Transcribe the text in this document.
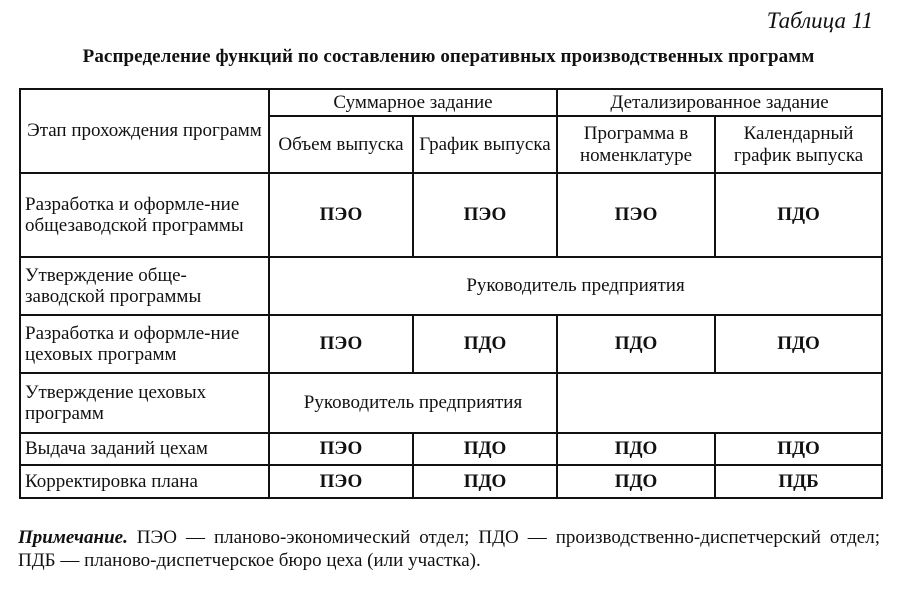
Таблица 11
Распределение функций по составлению оперативных производственных программ
Этап прохождения программ	Суммарное задание		Детализированное задание	
	Объем выпуска	График выпуска	Программа в номенклатуре	Календарный график выпуска
Разработка и оформле-ние общезаводской программы	ПЭО	ПЭО	ПЭО	ПДО
Утверждение обще-заводской программы	Руководитель предприятия			
Разработка и оформле-ние цеховых программ	ПЭО	ПДО	ПДО	ПДО
Утверждение цеховых программ	Руководитель предприятия			
Выдача заданий цехам	ПЭО	ПДО	ПДО	ПДО
Корректировка плана	ПЭО	ПДО	ПДО	ПДБ
Примечание. ПЭО — планово-экономический отдел; ПДО — производственно-диспетчерский отдел; ПДБ — планово-диспетчерское бюро цеха (или участка).
